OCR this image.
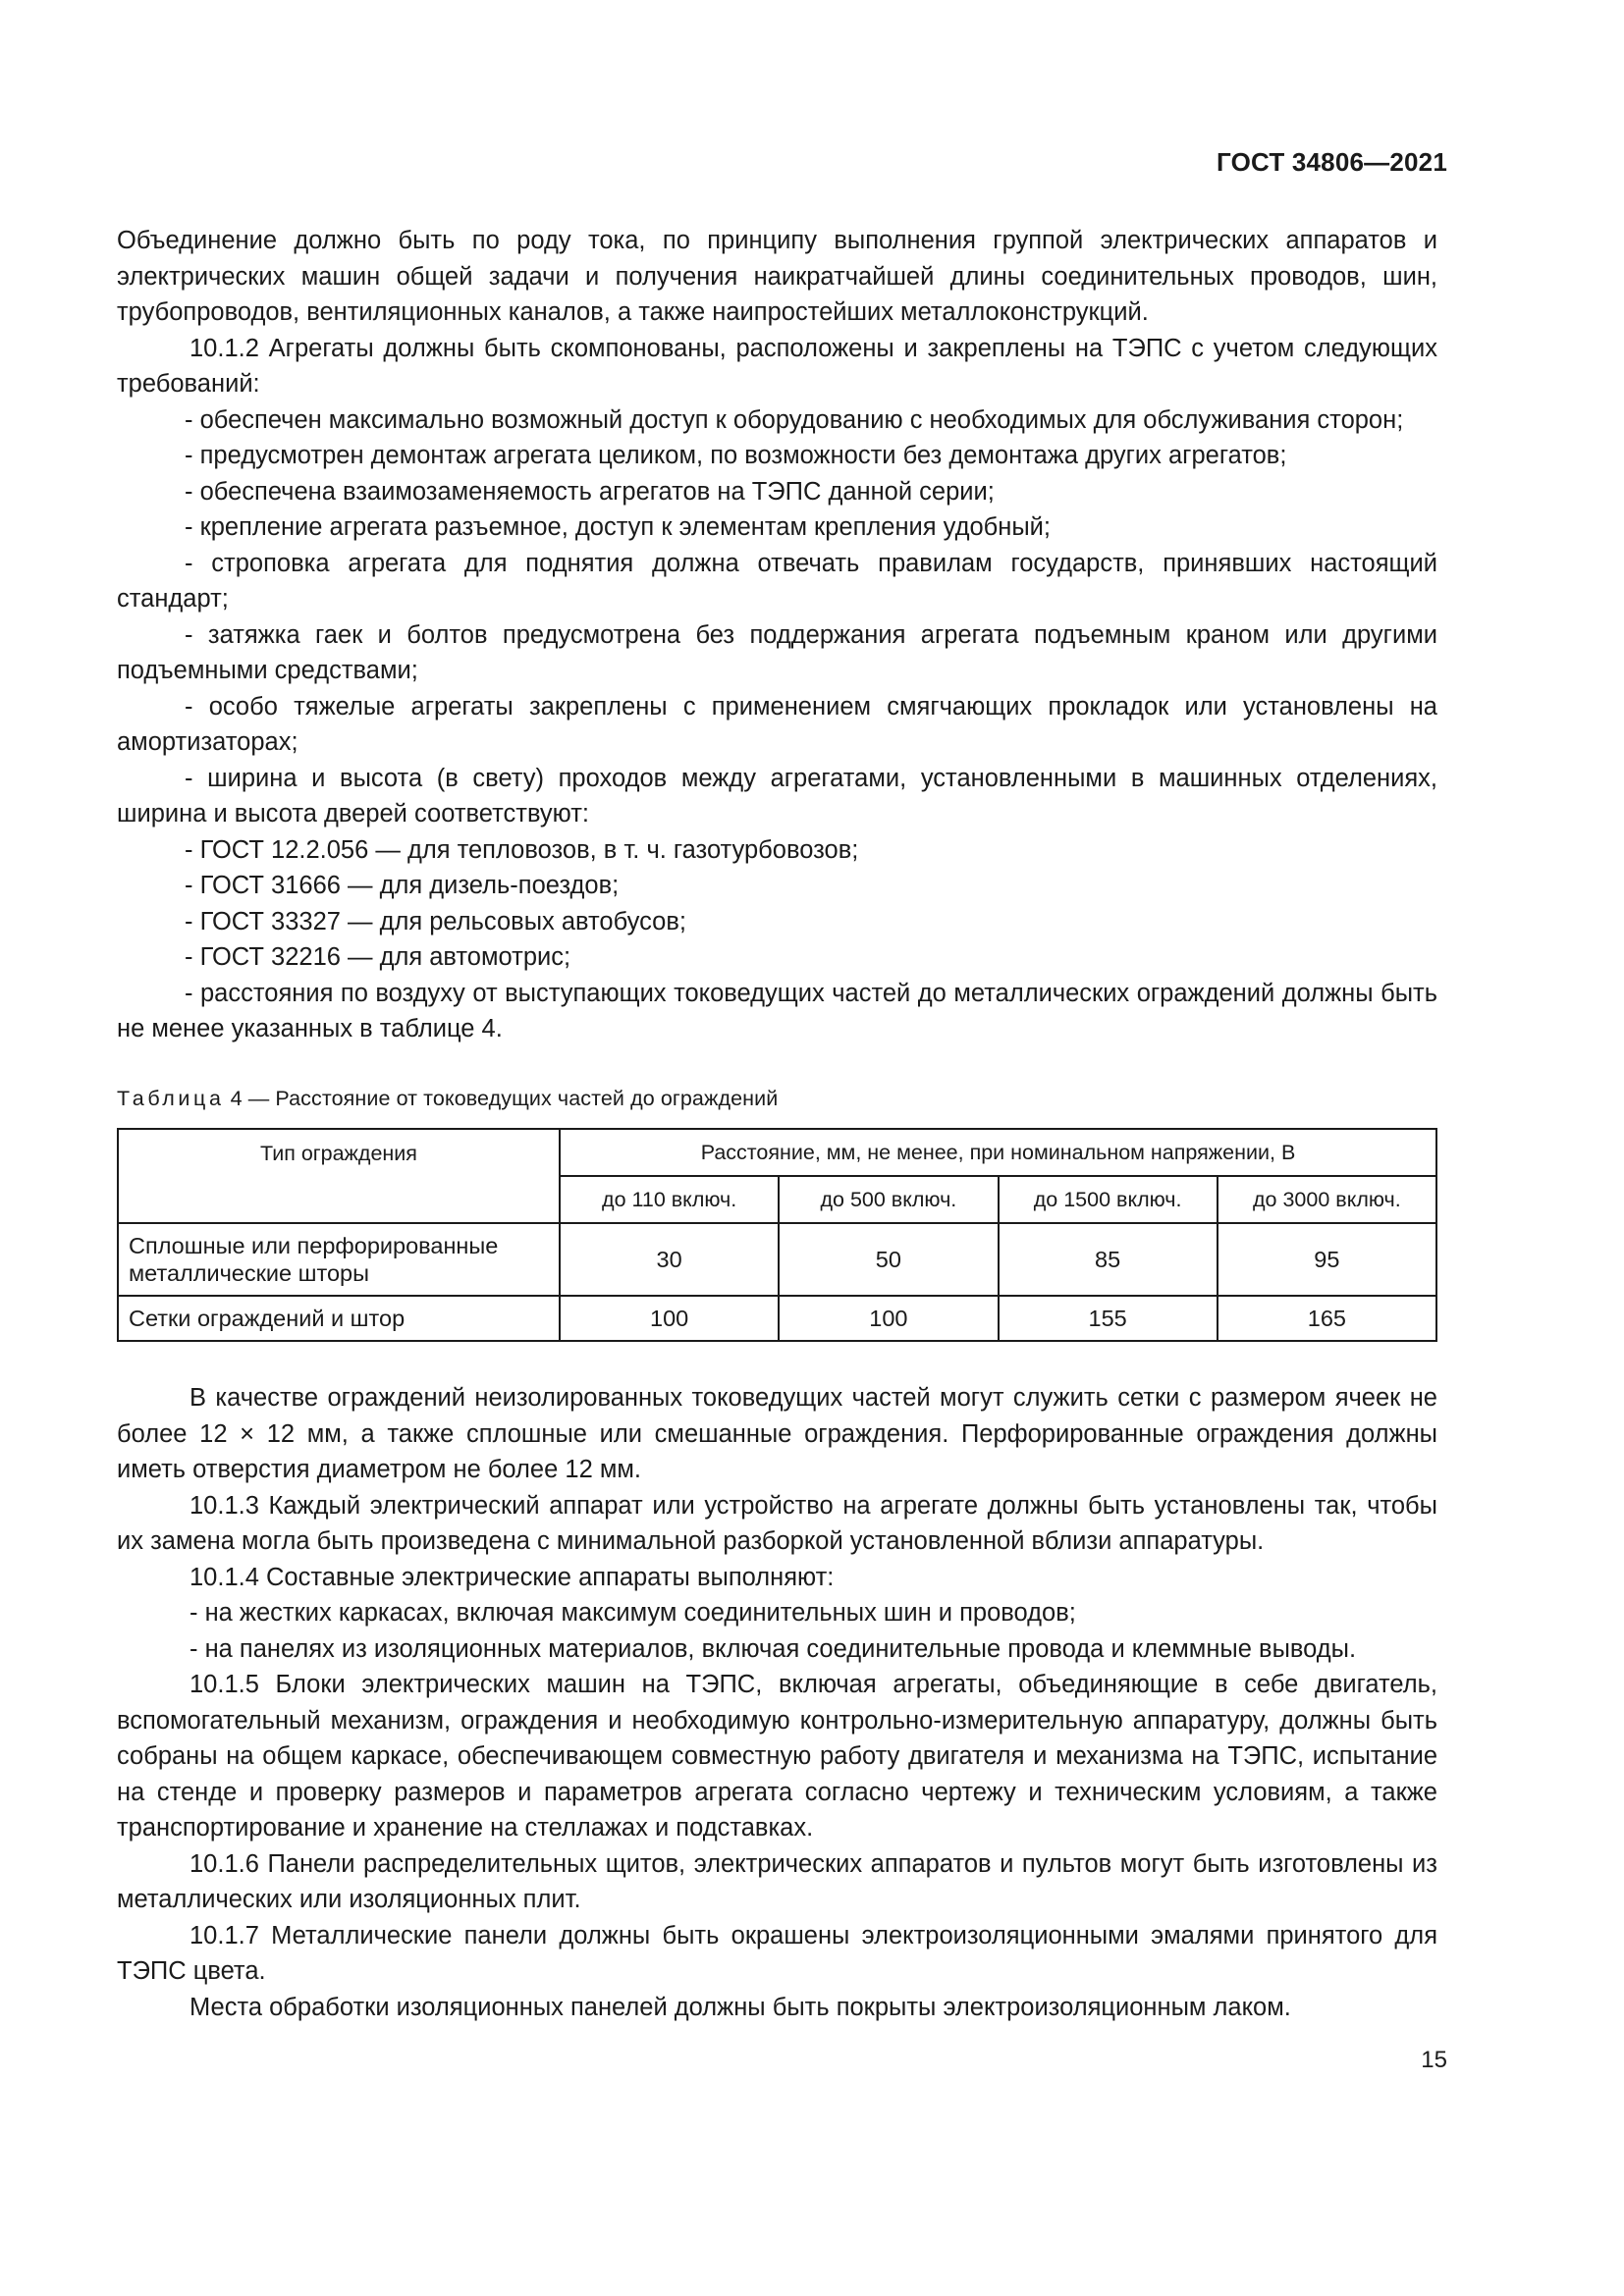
ГОСТ 34806—2021

Объединение должно быть по роду тока, по принципу выполнения группой электрических аппаратов и электрических машин общей задачи и получения наикратчайшей длины соединительных проводов, шин, трубопроводов, вентиляционных каналов, а также наипростейших металлоконструкций.

10.1.2 Агрегаты должны быть скомпонованы, расположены и закреплены на ТЭПС с учетом следующих требований:

- обеспечен максимально возможный доступ к оборудованию с необходимых для обслуживания сторон;

- предусмотрен демонтаж агрегата целиком, по возможности без демонтажа других агрегатов;

- обеспечена взаимозаменяемость агрегатов на ТЭПС данной серии;

- крепление агрегата разъемное, доступ к элементам крепления удобный;

- строповка агрегата для поднятия должна отвечать правилам государств, принявших настоящий стандарт;

- затяжка гаек и болтов предусмотрена без поддержания агрегата подъемным краном или другими подъемными средствами;

- особо тяжелые агрегаты закреплены с применением смягчающих прокладок или установлены на амортизаторах;

- ширина и высота (в свету) проходов между агрегатами, установленными в машинных отделениях, ширина и высота дверей соответствуют:

- ГОСТ 12.2.056 — для тепловозов, в т. ч. газотурбовозов;

- ГОСТ 31666 — для дизель-поездов;

- ГОСТ 33327 — для рельсовых автобусов;

- ГОСТ 32216 — для автомотрис;

- расстояния по воздуху от выступающих токоведущих частей до металлических ограждений должны быть не менее указанных в таблице 4.

Таблица 4 — Расстояние от токоведущих частей до ограждений
Тип ограждения	Расстояние, мм, не менее, при номинальном напряжении, В			
	до 110 включ.	до 500 включ.	до 1500 включ.	до 3000 включ.
Сплошные или перфорированные металлические шторы	30	50	85	95
Сетки ограждений и штор	100	100	155	165

В качестве ограждений неизолированных токоведущих частей могут служить сетки с размером ячеек не более 12 × 12 мм, а также сплошные или смешанные ограждения. Перфорированные ограждения должны иметь отверстия диаметром не более 12 мм.

10.1.3 Каждый электрический аппарат или устройство на агрегате должны быть установлены так, чтобы их замена могла быть произведена с минимальной разборкой установленной вблизи аппаратуры.

10.1.4 Составные электрические аппараты выполняют:

- на жестких каркасах, включая максимум соединительных шин и проводов;

- на панелях из изоляционных материалов, включая соединительные провода и клеммные выводы.

10.1.5 Блоки электрических машин на ТЭПС, включая агрегаты, объединяющие в себе двигатель, вспомогательный механизм, ограждения и необходимую контрольно-измерительную аппаратуру, должны быть собраны на общем каркасе, обеспечивающем совместную работу двигателя и механизма на ТЭПС, испытание на стенде и проверку размеров и параметров агрегата согласно чертежу и техническим условиям, а также транспортирование и хранение на стеллажах и подставках.

10.1.6 Панели распределительных щитов, электрических аппаратов и пультов могут быть изготовлены из металлических или изоляционных плит.

10.1.7 Металлические панели должны быть окрашены электроизоляционными эмалями принятого для ТЭПС цвета.

Места обработки изоляционных панелей должны быть покрыты электроизоляционным лаком.

15
